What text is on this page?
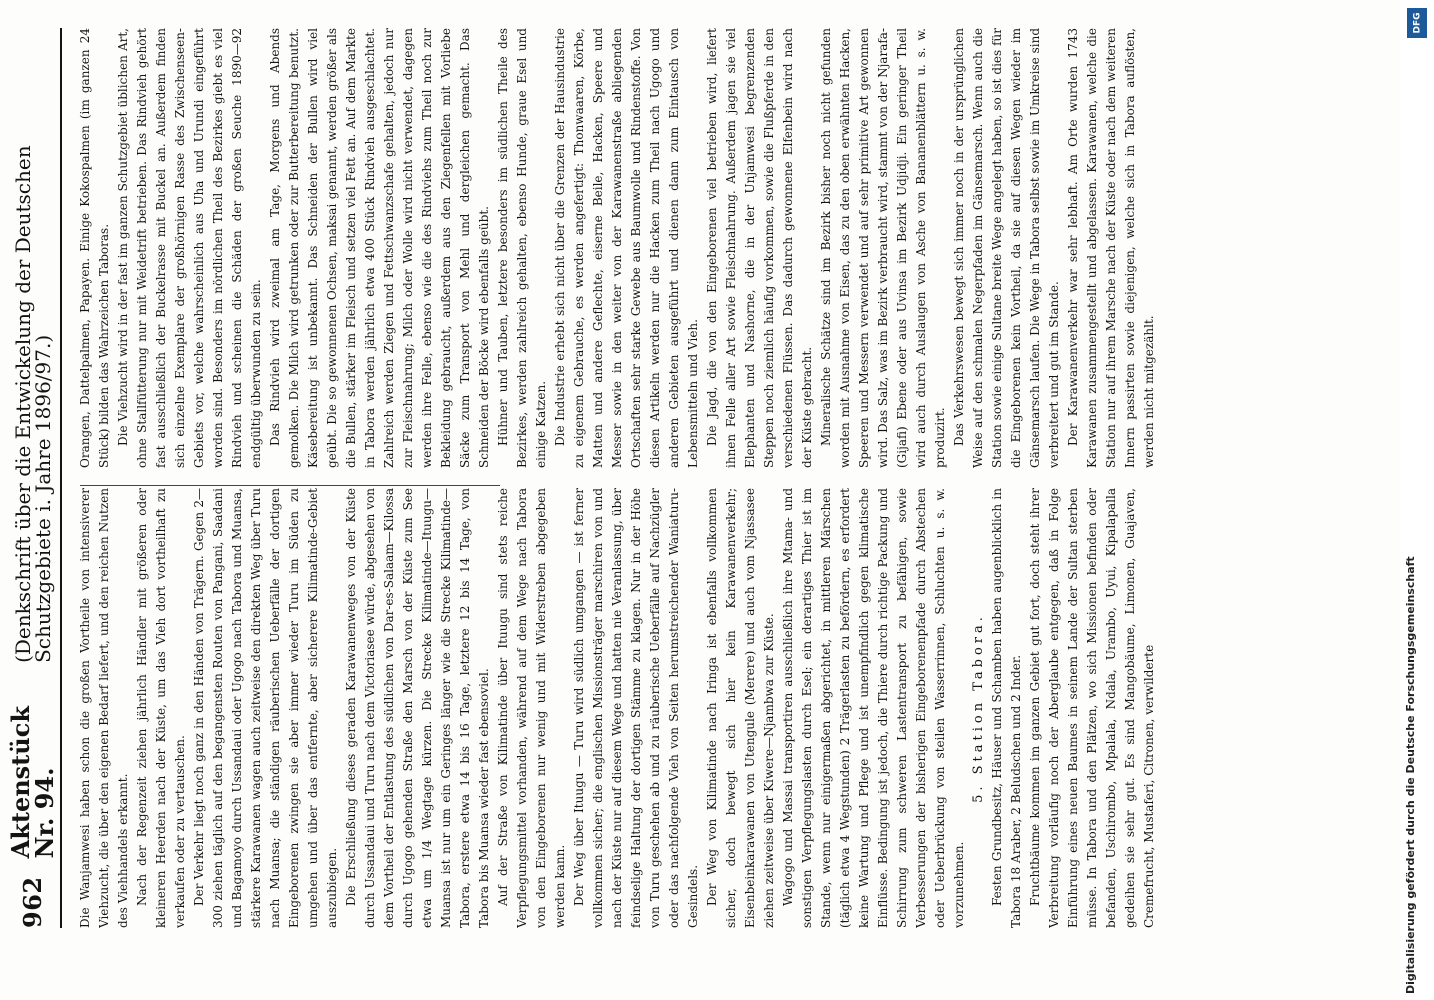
962
Aktenstück Nr. 94.
(Denkschrift über die Entwickelung der Deutschen Schutzgebiete i. Jahre 1896/97.) Die Wanjamwesi haben schon die großen Vortheile von intensiverer Viehzucht, die über den eigenen Bedarf liefert, und den reichen Nutzen des Viehhandels erkannt. Nach der Regenzeit ziehen jährlich Händler mit größeren oder kleineren Heerden nach der Küste, um das Vieh dort vortheilhaft zu verkaufen oder zu vertauschen. Der Verkehr liegt noch ganz in den Händen von Trägern. Gegen 2—300 ziehen täglich auf den begangensten Routen von Pangani, Saadani und Bagamoyo durch Ussandaui oder Ugogo nach Tabora und Muansa, stärkere Karawanen wagen auch zeitweise den direkten Weg über Turu nach Muansa; die ständigen räuberischen Ueberfälle der dortigen Eingeborenen zwingen sie aber immer wieder Turu im Süden zu umgehen und über das entfernte, aber sicherere Kilimatinde-Gebiet auszubiegen. Die Erschließung dieses geraden Karawanenweges von der Küste durch Ussandaui und Turu nach dem Victoriasee würde, abgesehen von dem Vortheil der Entlastung des südlichen von Dar-es-Salaam—Kilossa durch Ugogo gehenden Straße den Marsch von der Küste zum See etwa um 1/4 Wegtage kürzen. Die Strecke Kilimatinde—Ituugu—Muansa ist nur um ein Geringes länger wie die Strecke Kilimatinde—Tabora, erstere etwa 14 bis 16 Tage, letztere 12 bis 14 Tage, von Tabora bis Muansa wieder fast ebensoviel. Auf der Straße von Kilimatinde über Ituugu sind stets reiche Verpflegungsmittel vorhanden, während auf dem Wege nach Tabora von den Eingeborenen nur wenig und mit Widerstreben abgegeben werden kann. Der Weg über Ituugu — Turu wird südlich umgangen — ist ferner vollkommen sicher; die englischen Missionsträger marschiren von und nach der Küste nur auf diesem Wege und hatten nie Veranlassung, über feindselige Haltung der dortigen Stämme zu klagen. Nur in der Höhe von Turu geschehen ab und zu räuberische Ueberfälle auf Nachzügler oder das nachfolgende Vieh von Seiten herumstreichender Waniaturu-Gesindels. Der Weg von Kilimatinde nach Iringa ist ebenfalls vollkommen sicher, doch bewegt sich hier kein Karawanenverkehr; Eisenbeinkarawanen von Utengule (Merere) und auch vom Njassasee ziehen zeitweise über Kiwere—Njambwa zur Küste. Wagogo und Massai transportiren ausschließlich ihre Mtama- und sonstigen Verpflegungslasten durch Esel; ein derartiges Thier ist im Stande, wenn nur einigermaßen abgerichtet, in mittleren Märschen (täglich etwa 4 Wegstunden) 2 Trägerlasten zu befördern, es erfordert keine Wartung und Pflege und ist unempfindlich gegen klimatische Einflüsse. Bedingung ist jedoch, die Thiere durch richtige Packung und Schirrung zum schweren Lastentransport zu befähigen, sowie Verbesserungen der bisherigen Eingeborenenpfade durch Abstechen oder Ueberbrückung von steilen Wasserrinnen, Schluchten u. s. w. vorzunehmen.

5. Station Tabora. Festen Grundbesitz, Häuser und Schamben haben augenblicklich in Tabora 18 Araber, 2 Beludschen und 2 Inder. Fruchtbäume kommen im ganzen Gebiet gut fort, doch steht ihrer Verbreitung vorläufig noch der Aberglaube entgegen, daß in Folge Einführung eines neuen Baumes in seinem Lande der Sultan sterben müsse. In Tabora und den Plätzen, wo sich Missionen befinden oder befanden, Uschirombo, Mpalala, Ndala, Urambo, Uyui, Kipalapalla gedeihen sie sehr gut. Es sind Mangobäume, Limonen, Guajaven, Cremefrucht, Mustaferi, Citronen, verwilderte

Orangen, Dattelpalmen, Papayen. Einige Kokospalmen (im ganzen 24 Stück) bilden das Wahrzeichen Taboras. Die Viehzucht wird in der fast im ganzen Schutzgebiet üblichen Art, ohne Stallfütterung nur mit Weidetrift betrieben. Das Rindvieh gehört fast ausschließlich der Buckelrasse mit Buckel an. Außerdem finden sich einzelne Exemplare der großhörnigen Rasse des Zwischenseen-Gebiets vor, welche wahrscheinlich aus Uha und Urundi eingeführt worden sind. Besonders im nördlichen Theil des Bezirkes giebt es viel Rindvieh und scheinen die Schäden der großen Seuche 1890—92 endgültig überwunden zu sein. Das Rindvieh wird zweimal am Tage, Morgens und Abends gemolken. Die Milch wird getrunken oder zur Butterbereitung benutzt. Käsebereitung ist unbekannt. Das Schneiden der Bullen wird viel geübt. Die so gewonnenen Ochsen, maksai genannt, werden größer als die Bullen, stärker im Fleisch und setzen viel Fett an. Auf dem Markte in Tabora werden jährlich etwa 400 Stück Rindvieh ausgeschlachtet. Zahlreich werden Ziegen und Fettschwanzschafe gehalten, jedoch nur zur Fleischnahrung; Milch oder Wolle wird nicht verwendet, dagegen werden ihre Felle, ebenso wie die des Rindviehs zum Theil noch zur Bekleidung gebraucht, außerdem aus den Ziegenfellen mit Vorliebe Säcke zum Transport von Mehl und dergleichen gemacht. Das Schneiden der Böcke wird ebenfalls geübt. Hühner und Tauben, letztere besonders im südlichen Theile des Bezirkes, werden zahlreich gehalten, ebenso Hunde, graue Esel und einige Katzen. Die Industrie erhebt sich nicht über die Grenzen der Hausindustrie zu eigenem Gebrauche, es werden angefertigt: Thonwaaren, Körbe, Matten und andere Geflechte, eiserne Beile, Hacken, Speere und Messer sowie in den weiter von der Karawanenstraße abliegenden Ortschaften sehr starke Gewebe aus Baumwolle und Rindenstoffe. Von diesen Artikeln werden nur die Hacken zum Theil nach Ugogo und anderen Gebieten ausgeführt und dienen dann zum Eintausch von Lebensmitteln und Vieh. Die Jagd, die von den Eingeborenen viel betrieben wird, liefert ihnen Felle aller Art sowie Fleischnahrung. Außerdem jagen sie viel Elephanten und Nashorne, die in der Unjamwesi begrenzenden Steppen noch ziemlich häufig vorkommen, sowie die Flußpferde in den verschiedenen Flüssen. Das dadurch gewonnene Elfenbein wird nach der Küste gebracht. Mineralische Schätze sind im Bezirk bisher noch nicht gefunden worden mit Ausnahme von Eisen, das zu den oben erwähnten Hacken, Speeren und Messern verwendet und auf sehr primitive Art gewonnen wird. Das Salz, was im Bezirk verbraucht wird, stammt von der Njarafa-(Gijafi) Ebene oder aus Uvinsa im Bezirk Udjidji. Ein geringer Theil wird auch durch Auslaugen von Asche von Bananenblättern u. s. w. produzirt. Das Verkehrswesen bewegt sich immer noch in der ursprünglichen Weise auf den schmalen Negerpfaden im Gänsemarsch. Wenn auch die Station sowie einige Sultane breite Wege angelegt haben, so ist dies für die Eingeborenen kein Vortheil, da sie auf diesen Wegen wieder im Gänsemarsch laufen. Die Wege in Tabora selbst sowie im Umkreise sind verbreitert und gut im Stande. Der Karawanenverkehr war sehr lebhaft. Am Orte wurden 1743 Karawanen zusammengestellt und abgelassen. Karawanen, welche die Station nur auf ihrem Marsche nach der Küste oder nach dem weiteren Innern passirten sowie diejenigen, welche sich in Tabora auflösten, werden nicht mitgezählt.

DFG
Digitalisierung gefördert durch die Deutsche Forschungsgemeinschaft
